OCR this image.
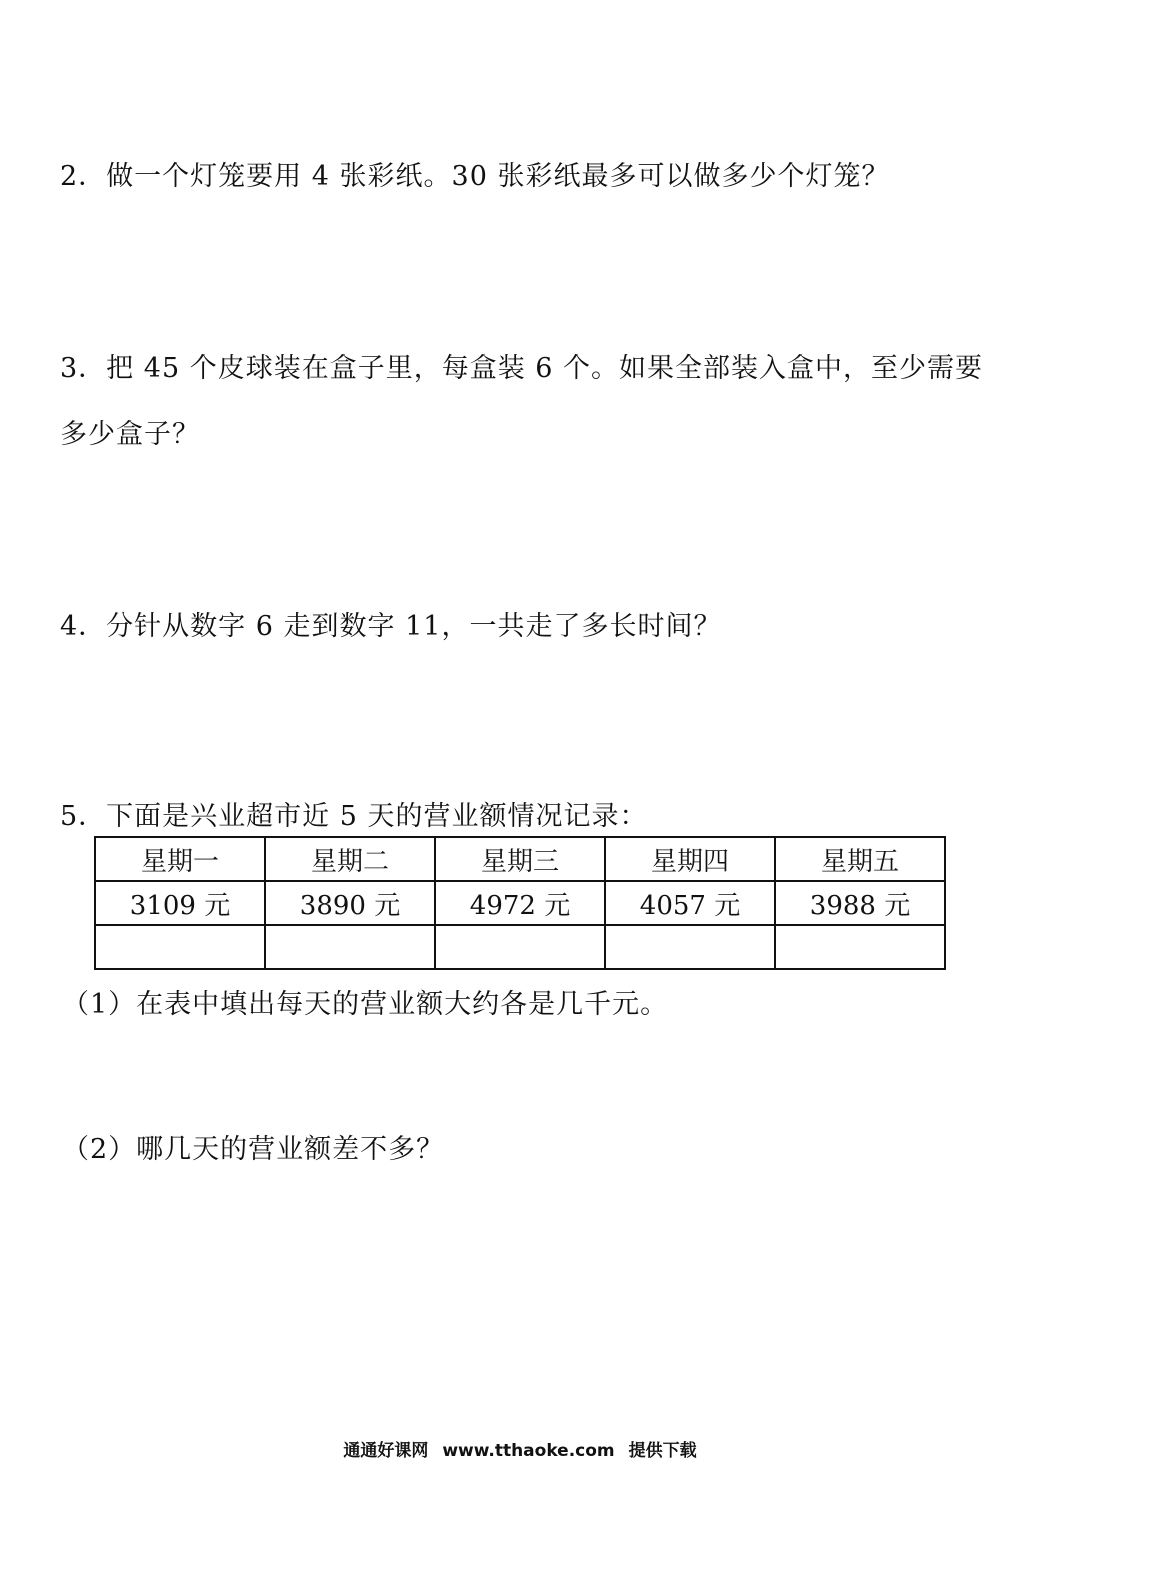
2．做一个灯笼要用 4 张彩纸。30 张彩纸最多可以做多少个灯笼？
3．把 45 个皮球装在盒子里，每盒装 6 个。如果全部装入盒中，至少需要
多少盒子？
4．分针从数字 6 走到数字 11，一共走了多长时间？
5．下面是兴业超市近 5 天的营业额情况记录：
星期一	星期二	星期三	星期四	星期五
3109 元	3890 元	4972 元	4057 元	3988 元

（1）在表中填出每天的营业额大约各是几千元。
（2）哪几天的营业额差不多？
通通好课网 www.tthaoke.com 提供下载
